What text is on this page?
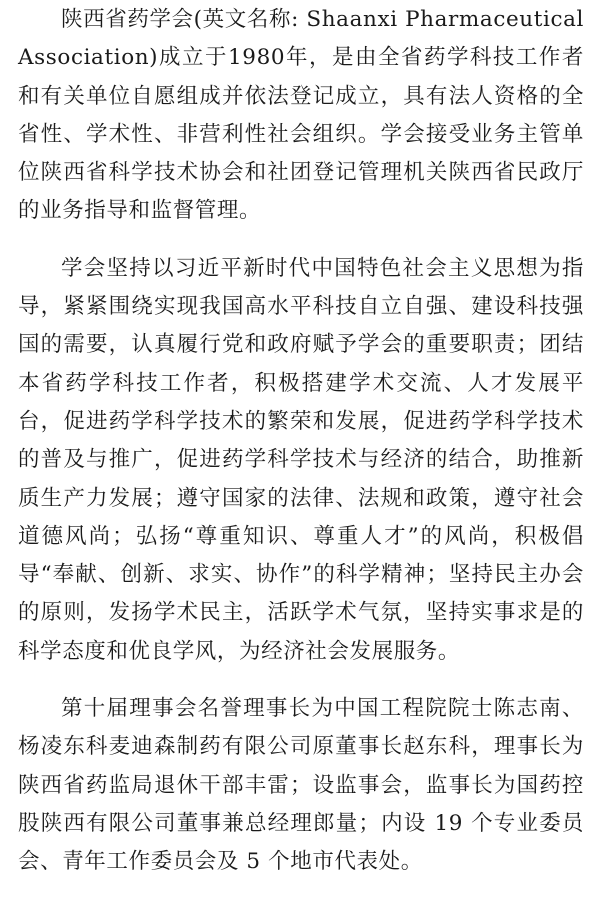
陕西省药学会(英文名称: Shaanxi Pharmaceutical Association)成立于1980年，是由全省药学科技工作者和有关单位自愿组成并依法登记成立，具有法人资格的全省性、学术性、非营利性社会组织。学会接受业务主管单位陕西省科学技术协会和社团登记管理机关陕西省民政厅的业务指导和监督管理。

学会坚持以习近平新时代中国特色社会主义思想为指导，紧紧围绕实现我国高水平科技自立自强、建设科技强国的需要，认真履行党和政府赋予学会的重要职责；团结本省药学科技工作者，积极搭建学术交流、人才发展平台，促进药学科学技术的繁荣和发展，促进药学科学技术的普及与推广，促进药学科学技术与经济的结合，助推新质生产力发展；遵守国家的法律、法规和政策，遵守社会道德风尚；弘扬“尊重知识、尊重人才”的风尚，积极倡导“奉献、创新、求实、协作”的科学精神；坚持民主办会的原则，发扬学术民主，活跃学术气氛，坚持实事求是的科学态度和优良学风，为经济社会发展服务。

第十届理事会名誉理事长为中国工程院院士陈志南、杨凌东科麦迪森制药有限公司原董事长赵东科，理事长为陕西省药监局退休干部丰雷；设监事会，监事长为国药控股陕西有限公司董事兼总经理郎量；内设 19 个专业委员会、青年工作委员会及 5 个地市代表处。
